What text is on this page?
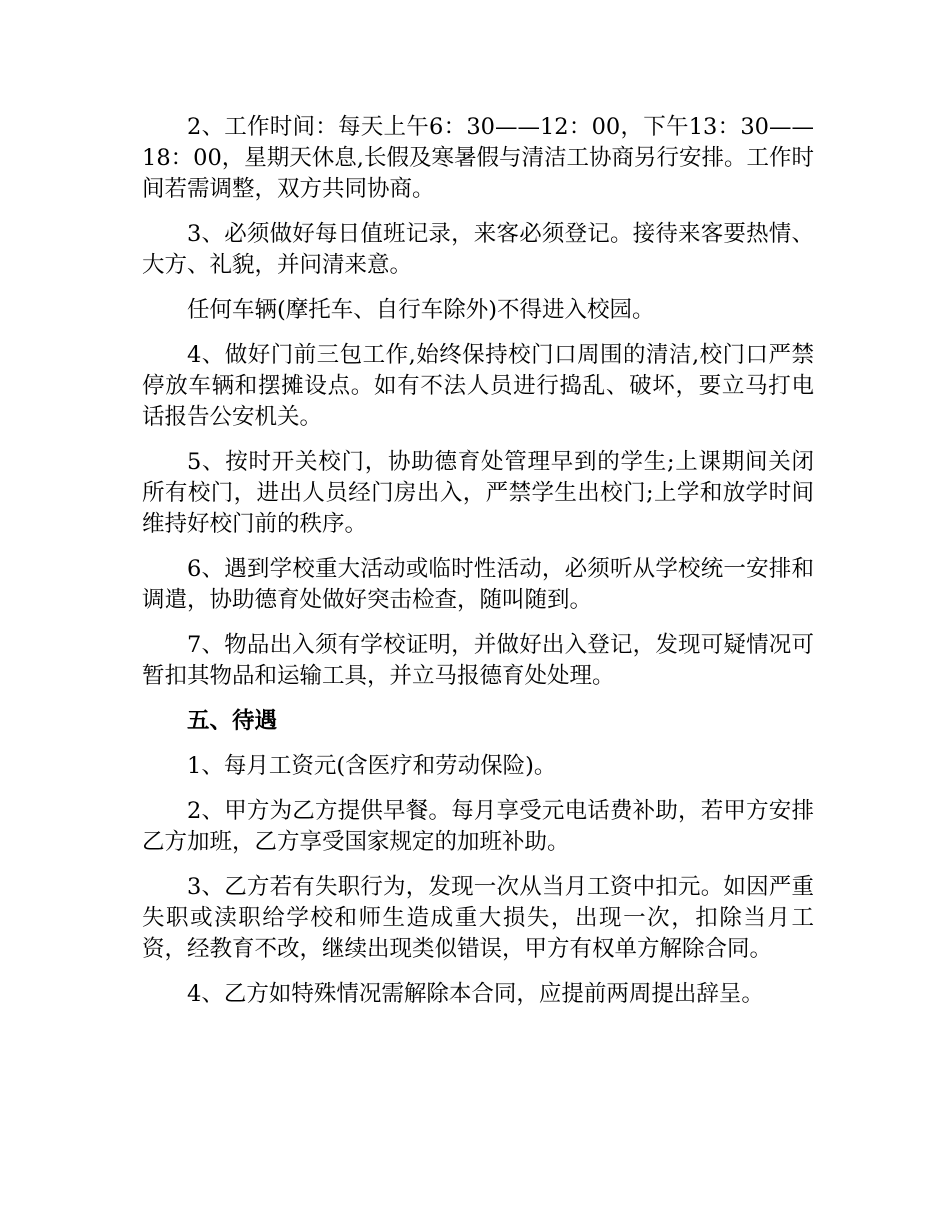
2、工作时间：每天上午6：30——12：00，下午13：30——18：00，星期天休息,长假及寒暑假与清洁工协商另行安排。工作时间若需调整，双方共同协商。

3、必须做好每日值班记录，来客必须登记。接待来客要热情、大方、礼貌，并问清来意。

任何车辆(摩托车、自行车除外)不得进入校园。

4、做好门前三包工作,始终保持校门口周围的清洁,校门口严禁停放车辆和摆摊设点。如有不法人员进行捣乱、破坏，要立马打电话报告公安机关。

5、按时开关校门，协助德育处管理早到的学生;上课期间关闭所有校门，进出人员经门房出入，严禁学生出校门;上学和放学时间维持好校门前的秩序。

6、遇到学校重大活动或临时性活动，必须听从学校统一安排和调遣，协助德育处做好突击检查，随叫随到。

7、物品出入须有学校证明，并做好出入登记，发现可疑情况可暂扣其物品和运输工具，并立马报德育处处理。

五、待遇

1、每月工资元(含医疗和劳动保险)。

2、甲方为乙方提供早餐。每月享受元电话费补助，若甲方安排乙方加班，乙方享受国家规定的加班补助。

3、乙方若有失职行为，发现一次从当月工资中扣元。如因严重失职或渎职给学校和师生造成重大损失，出现一次，扣除当月工资，经教育不改，继续出现类似错误，甲方有权单方解除合同。

4、乙方如特殊情况需解除本合同，应提前两周提出辞呈。
